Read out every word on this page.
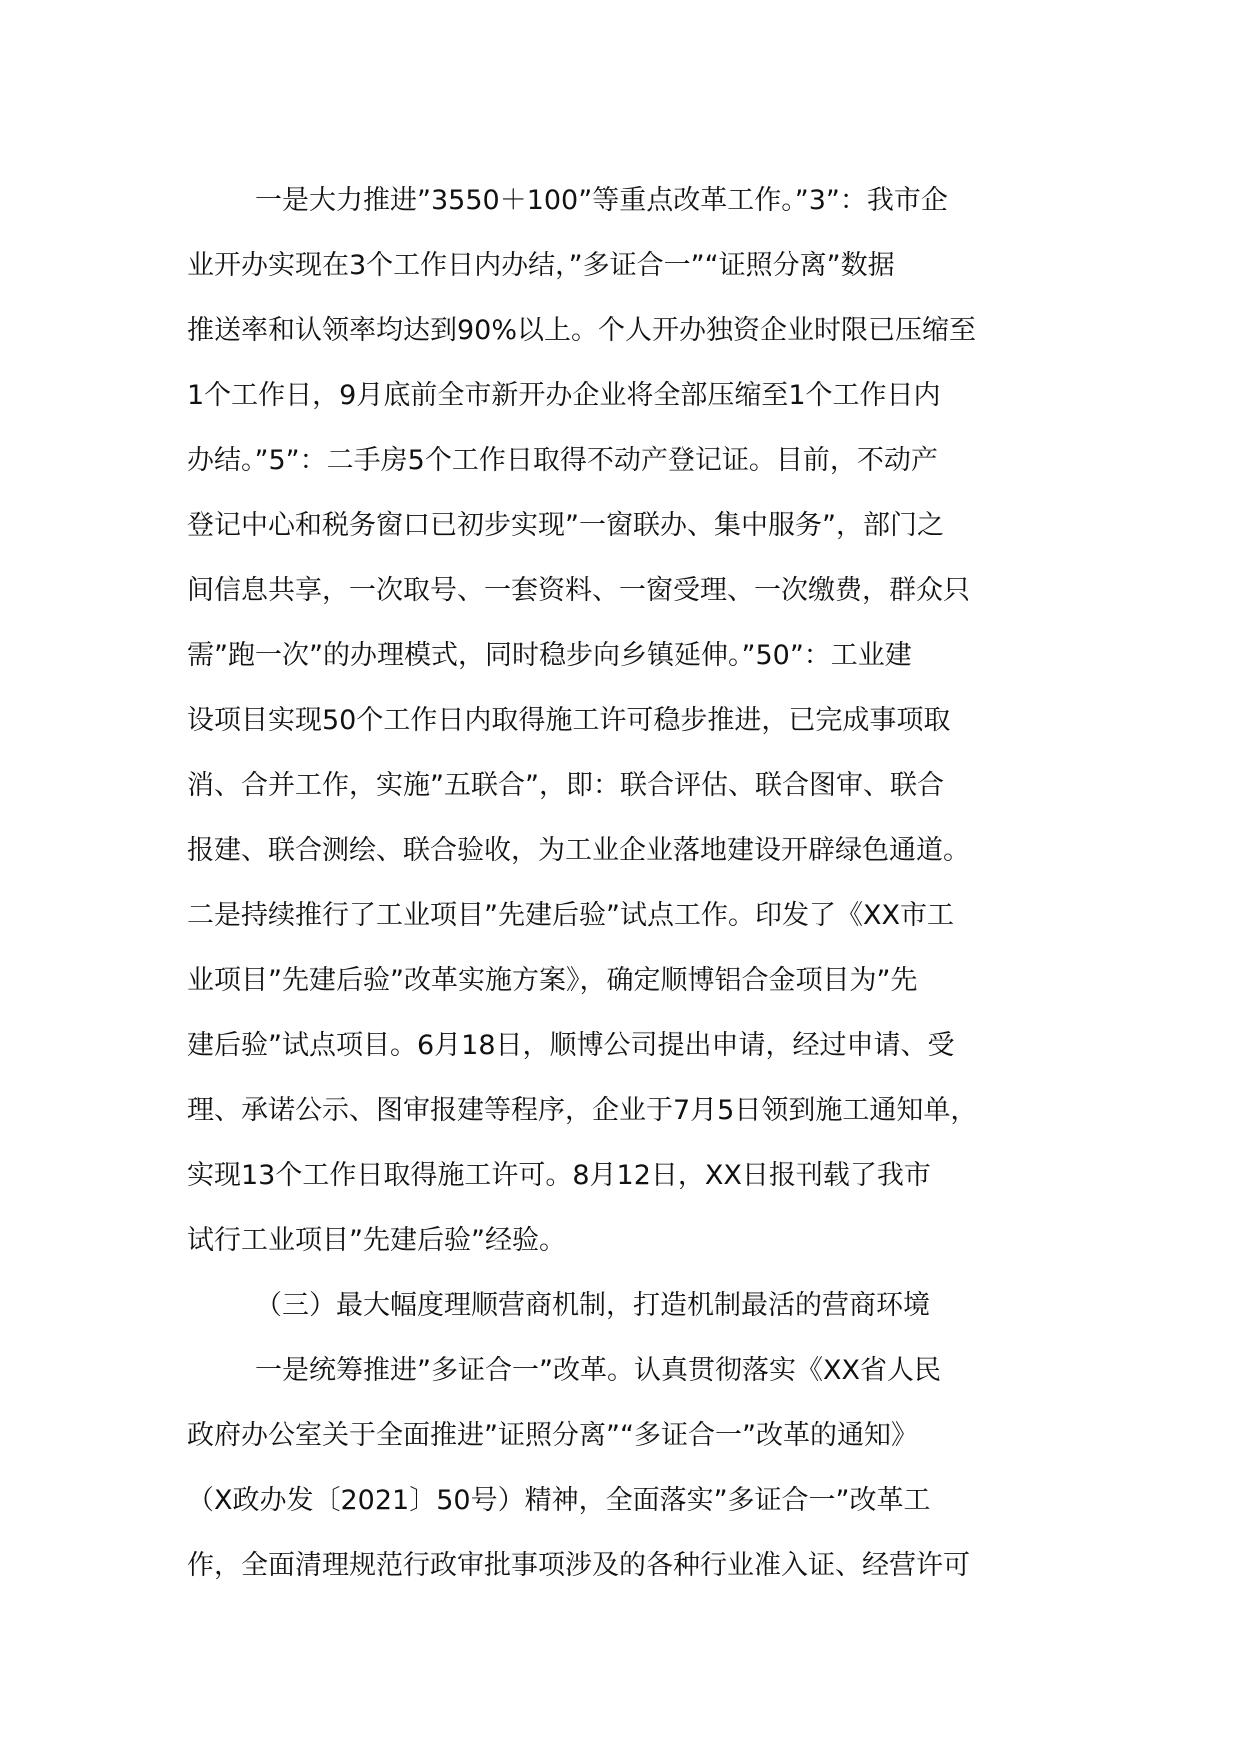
一是大力推进”3550＋100”等重点改革工作。”3”：我市企
业开办实现在3个工作日内办结，”多证合一”“证照分离”数据
推送率和认领率均达到90%以上。个人开办独资企业时限已压缩至
1个工作日，9月底前全市新开办企业将全部压缩至1个工作日内
办结。”5”：二手房5个工作日取得不动产登记证。目前，不动产
登记中心和税务窗口已初步实现”一窗联办、集中服务”，部门之
间信息共享，一次取号、一套资料、一窗受理、一次缴费，群众只
需”跑一次”的办理模式，同时稳步向乡镇延伸。”50”：工业建
设项目实现50个工作日内取得施工许可稳步推进，已完成事项取
消、合并工作，实施”五联合”，即：联合评估、联合图审、联合
报建、联合测绘、联合验收，为工业企业落地建设开辟绿色通道。
二是持续推行了工业项目”先建后验”试点工作。印发了《XX市工
业项目”先建后验”改革实施方案》，确定顺博铝合金项目为”先
建后验”试点项目。6月18日，顺博公司提出申请，经过申请、受
理、承诺公示、图审报建等程序，企业于7月5日领到施工通知单，
实现13个工作日取得施工许可。8月12日，XX日报刊载了我市
试行工业项目”先建后验”经验。
（三）最大幅度理顺营商机制，打造机制最活的营商环境
一是统筹推进”多证合一”改革。认真贯彻落实《XX省人民
政府办公室关于全面推进”证照分离”“多证合一”改革的通知》
（X政办发〔2021〕50号）精神，全面落实”多证合一”改革工
作，全面清理规范行政审批事项涉及的各种行业准入证、经营许可
